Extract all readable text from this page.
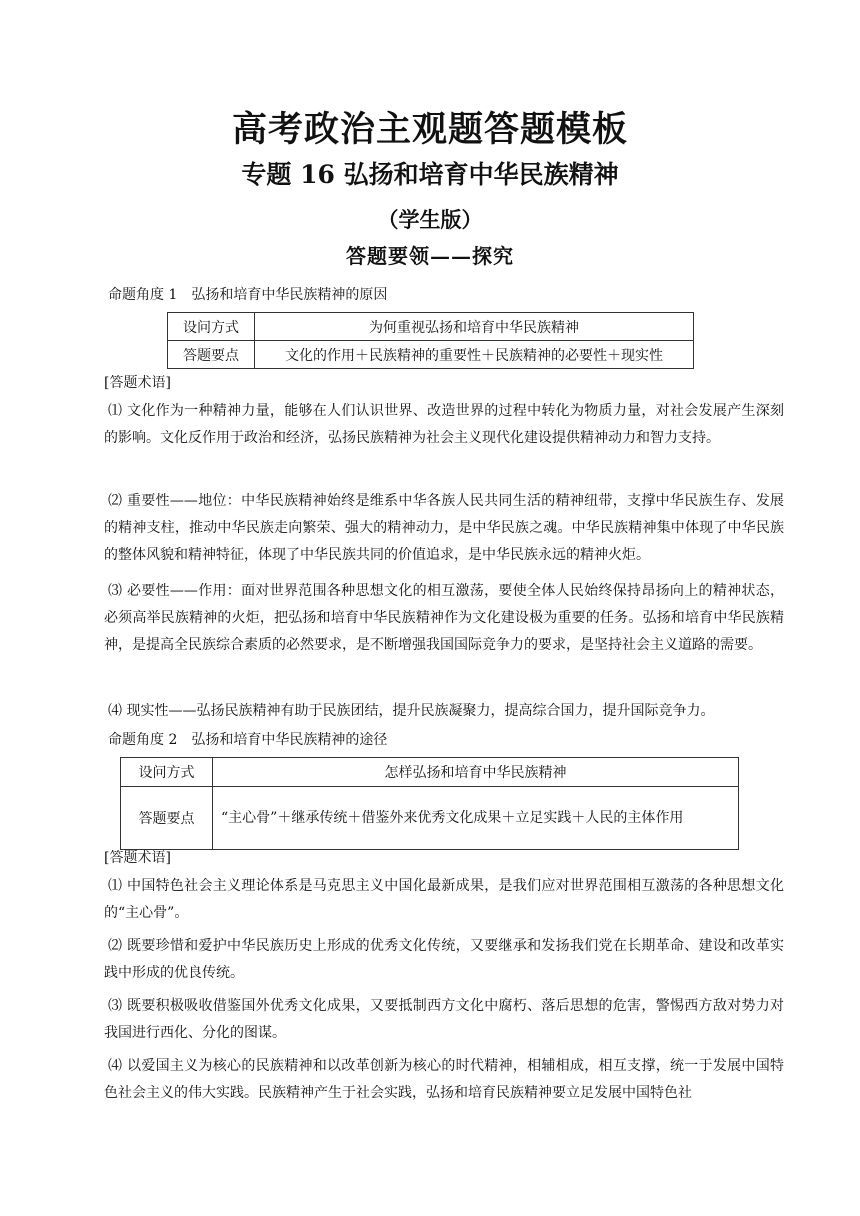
高考政治主观题答题模板
专题 16 弘扬和培育中华民族精神
（学生版）
答题要领——探究
命题角度 1　弘扬和培育中华民族精神的原因
设问方式	为何重视弘扬和培育中华民族精神
答题要点	文化的作用＋民族精神的重要性＋民族精神的必要性＋现实性
[答题术语]
⑴ 文化作为一种精神力量，能够在人们认识世界、改造世界的过程中转化为物质力量，对社会发展产生深刻的影响。文化反作用于政治和经济，弘扬民族精神为社会主义现代化建设提供精神动力和智力支持。
⑵ 重要性——地位：中华民族精神始终是维系中华各族人民共同生活的精神纽带，支撑中华民族生存、发展的精神支柱，推动中华民族走向繁荣、强大的精神动力，是中华民族之魂。中华民族精神集中体现了中华民族的整体风貌和精神特征，体现了中华民族共同的价值追求，是中华民族永远的精神火炬。
⑶ 必要性——作用：面对世界范围各种思想文化的相互激荡，要使全体人民始终保持昂扬向上的精神状态，必须高举民族精神的火炬，把弘扬和培育中华民族精神作为文化建设极为重要的任务。弘扬和培育中华民族精神，是提高全民族综合素质的必然要求，是不断增强我国国际竞争力的要求，是坚持社会主义道路的需要。
⑷ 现实性——弘扬民族精神有助于民族团结，提升民族凝聚力，提高综合国力，提升国际竞争力。
命题角度 2　弘扬和培育中华民族精神的途径
设问方式	怎样弘扬和培育中华民族精神
答题要点	“主心骨”＋继承传统＋借鉴外来优秀文化成果＋立足实践＋人民的主体作用
[答题术语]
⑴ 中国特色社会主义理论体系是马克思主义中国化最新成果，是我们应对世界范围相互激荡的各种思想文化的“主心骨”。
⑵ 既要珍惜和爱护中华民族历史上形成的优秀文化传统，又要继承和发扬我们党在长期革命、建设和改革实践中形成的优良传统。
⑶ 既要积极吸收借鉴国外优秀文化成果，又要抵制西方文化中腐朽、落后思想的危害，警惕西方敌对势力对我国进行西化、分化的图谋。
⑷ 以爱国主义为核心的民族精神和以改革创新为核心的时代精神，相辅相成，相互支撑，统一于发展中国特色社会主义的伟大实践。民族精神产生于社会实践，弘扬和培育民族精神要立足发展中国特色社
